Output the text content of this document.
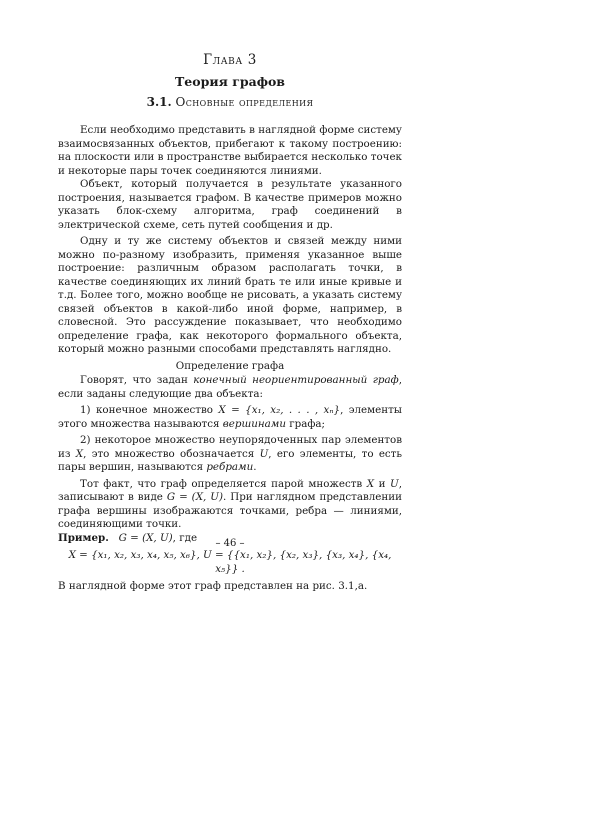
Глава 3
Теория графов
3.1. Основные определения

Если необходимо представить в наглядной форме систему взаимосвязанных объектов, прибегают к такому построению: на плоскости или в пространстве выбирается несколько точек и некоторые пары точек соединяются линиями.

Объект, который получается в результате указанного построения, называется графом. В качестве примеров можно указать блок-схему алгоритма, граф соединений в электрической схеме, сеть путей сообщения и др.

Одну и ту же систему объектов и связей между ними можно по-разному изобразить, применяя указанное выше построение: различным образом располагать точки, в качестве соединяющих их линий брать те или иные кривые и т.д. Более того, можно вообще не рисовать, а указать систему связей объектов в какой-либо иной форме, например, в словесной. Это рассуждение показывает, что необходимо определение графа, как некоторого формального объекта, который можно разными способами представлять наглядно.

Определение графа

Говорят, что задан конечный неориентированный граф, если заданы следующие два объекта:

1) конечное множество X = {x₁, x₂, . . . , xₙ}, элементы этого множества называются вершинами графа;

2) некоторое множество неупорядоченных пар элементов из X, это множество обозначается U, его элементы, то есть пары вершин, называются ребрами.

Тот факт, что граф определяется парой множеств X и U, записывают в виде G = (X, U). При наглядном представлении графа вершины изображаются точками, ребра — линиями, соединяющими точки.

Пример. G = (X, U), где

X = {x₁, x₂, x₃, x₄, x₅, x₆}, U = {{x₁, x₂}, {x₂, x₃}, {x₃, x₄}, {x₄, x₅}} .

В наглядной форме этот граф представлен на рис. 3.1,а.

– 46 –
